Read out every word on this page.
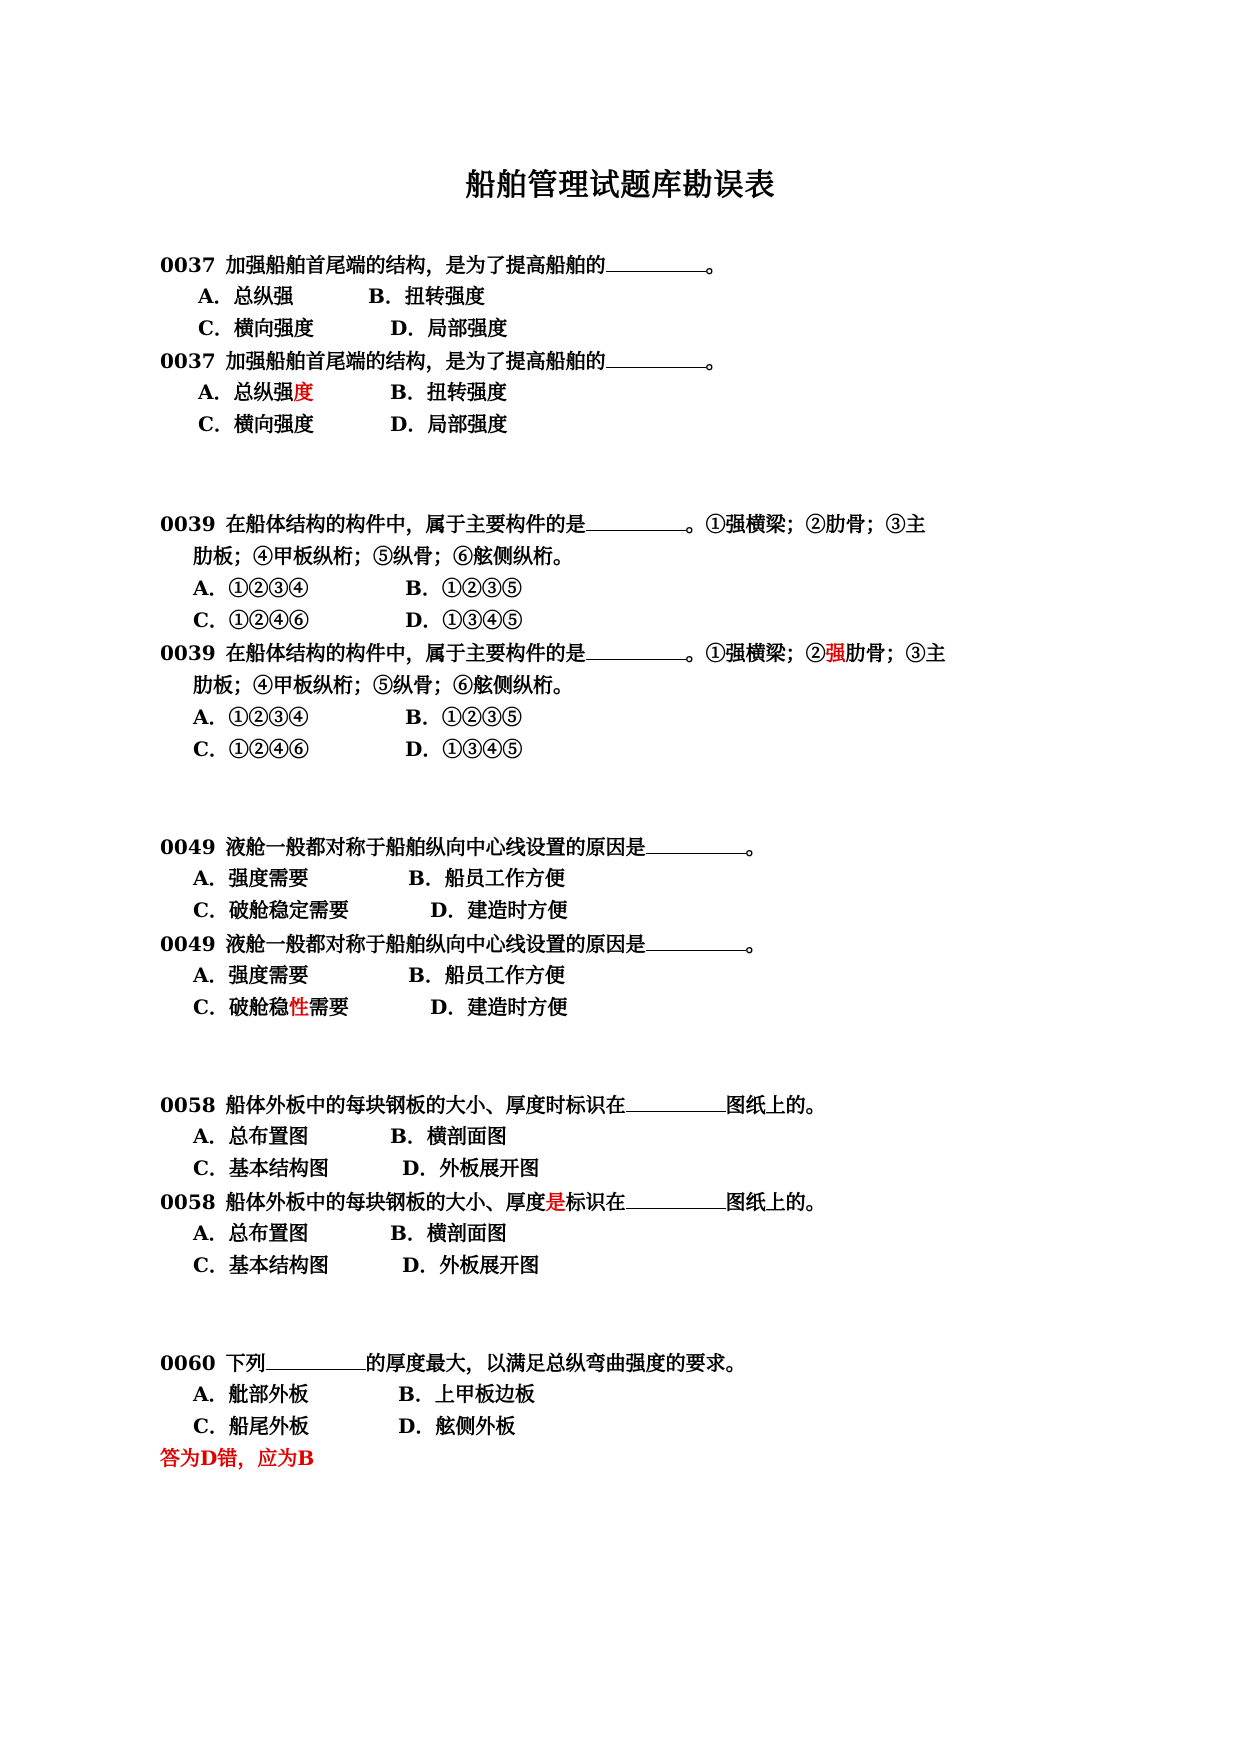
船舶管理试题库勘误表
0037 加强船舶首尾端的结构，是为了提高船舶的	。
A．总纵强	B．扭转强度
C．横向强度	D．局部强度
0037 加强船舶首尾端的结构，是为了提高船舶的	。
A．总纵强度	B．扭转强度
C．横向强度	D．局部强度
0039 在船体结构的构件中，属于主要构件的是	。①强横梁；②肋骨；③主
肋板；④甲板纵桁；⑤纵骨；⑥舷侧纵桁。
A．①②③④	B．①②③⑤
C．①②④⑥	D．①③④⑤
0039 在船体结构的构件中，属于主要构件的是	。①强横梁；②强肋骨；③主
肋板；④甲板纵桁；⑤纵骨；⑥舷侧纵桁。
A．①②③④	B．①②③⑤
C．①②④⑥	D．①③④⑤
0049 液舱一般都对称于船舶纵向中心线设置的原因是	。
A．强度需要	B．船员工作方便
C．破舱稳定需要	D．建造时方便
0049 液舱一般都对称于船舶纵向中心线设置的原因是	。
A．强度需要	B．船员工作方便
C．破舱稳性需要	D．建造时方便
0058 船体外板中的每块钢板的大小、厚度时标识在	图纸上的。
A．总布置图	B．横剖面图
C．基本结构图	D．外板展开图
0058 船体外板中的每块钢板的大小、厚度是标识在	图纸上的。
A．总布置图	B．横剖面图
C．基本结构图	D．外板展开图
0060 下列	的厚度最大，以满足总纵弯曲强度的要求。
A．舭部外板	B．上甲板边板
C．船尾外板	D．舷侧外板
答为D错，应为B
